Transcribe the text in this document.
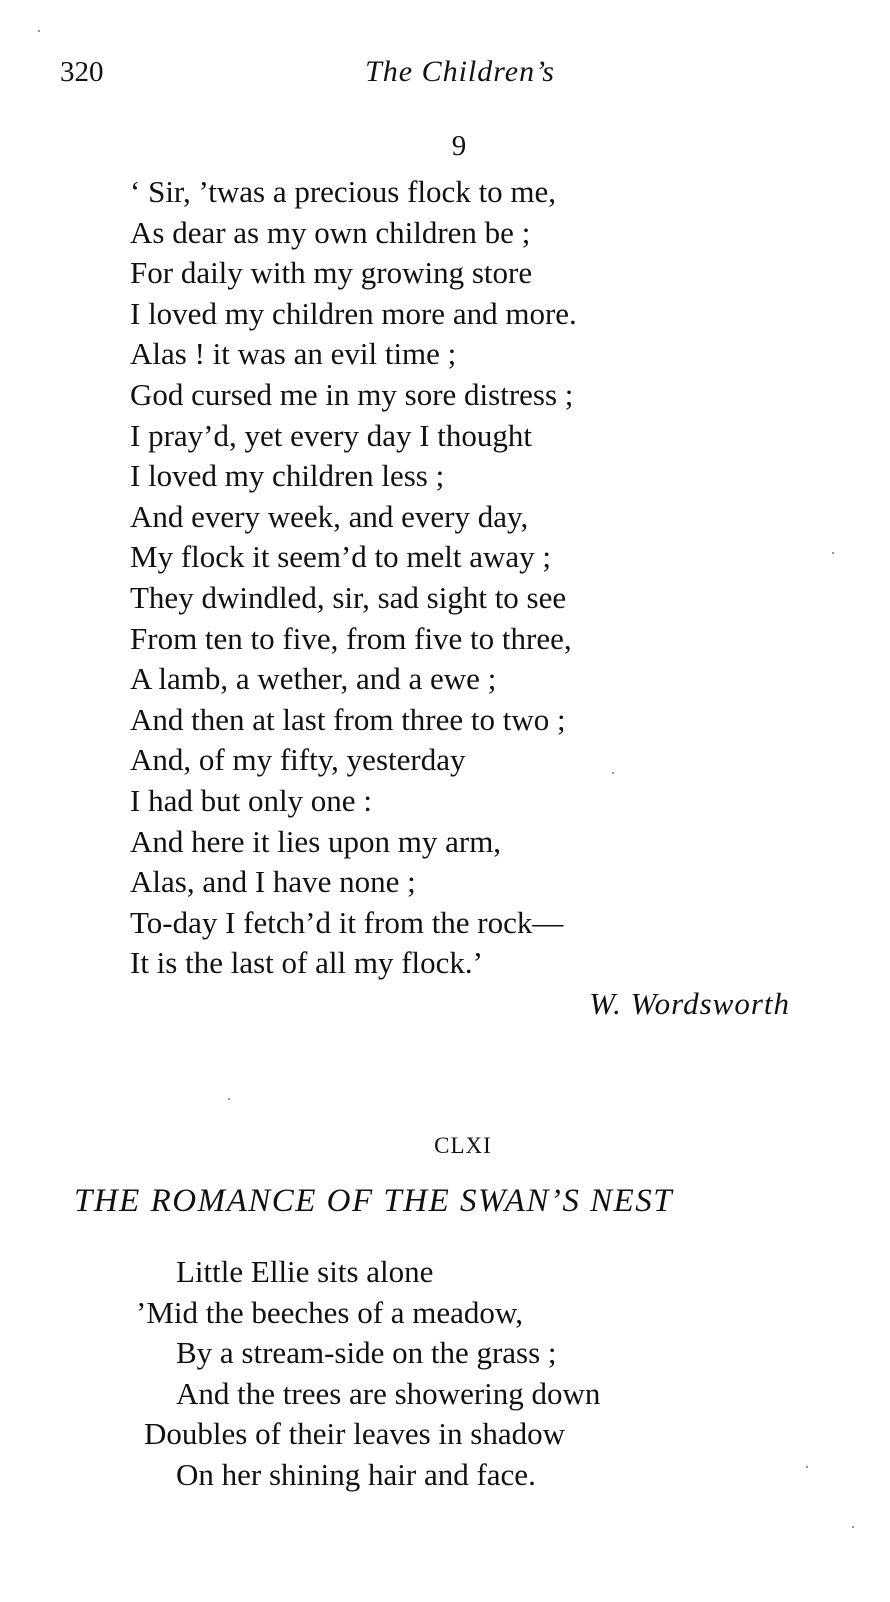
320	The Children’s
9
‘ Sir, ’twas a precious flock to me,
As dear as my own children be ;
For daily with my growing store
I loved my children more and more.
Alas ! it was an evil time ;
God cursed me in my sore distress ;
I pray’d, yet every day I thought
I loved my children less ;
And every week, and every day,
My flock it seem’d to melt away ;
They dwindled, sir, sad sight to see
From ten to five, from five to three,
A lamb, a wether, and a ewe ;
And then at last from three to two ;
And, of my fifty, yesterday
I had but only one :
And here it lies upon my arm,
Alas, and I have none ;
To-day I fetch’d it from the rock—
It is the last of all my flock.’
W. Wordsworth
CLXI
THE ROMANCE OF THE SWAN’S NEST
Little Ellie sits alone
’Mid the beeches of a meadow,
By a stream-side on the grass ;
And the trees are showering down
Doubles of their leaves in shadow
On her shining hair and face.
